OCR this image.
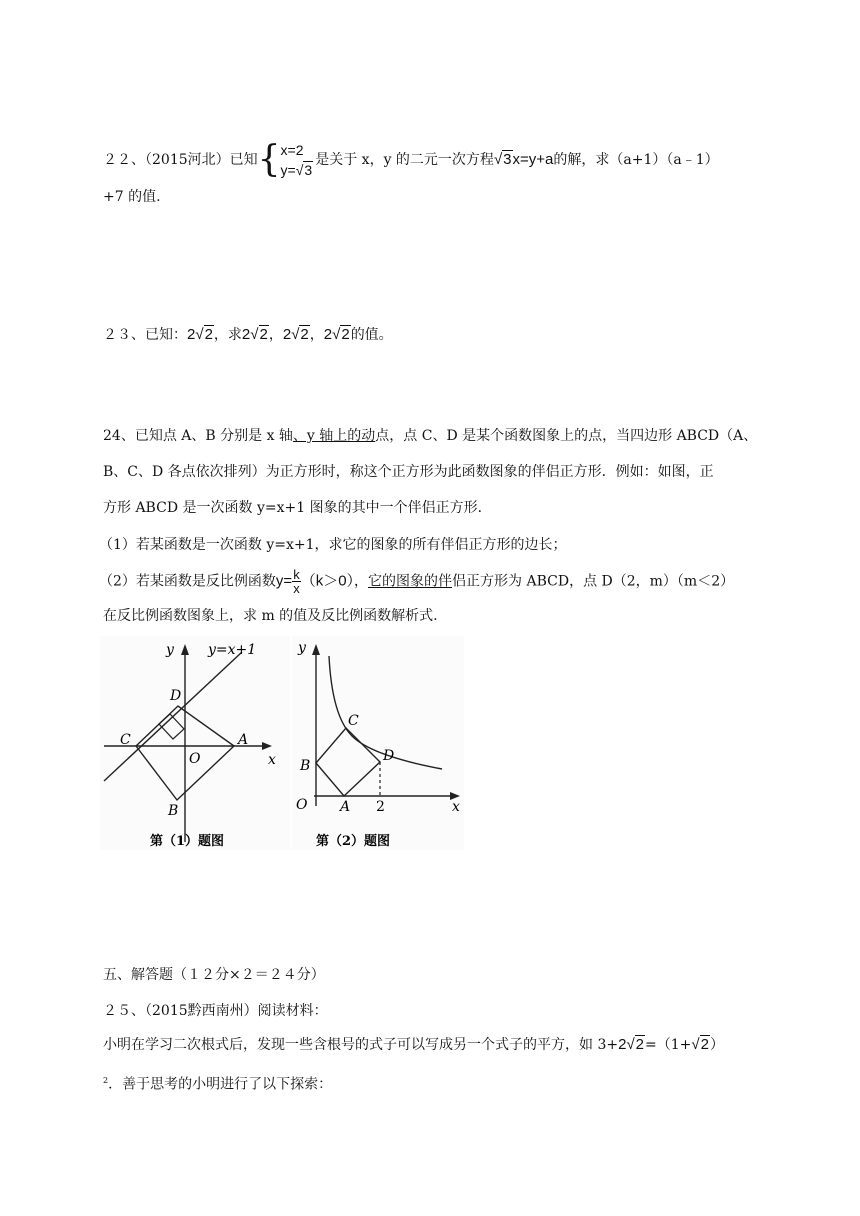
２２、（2015河北）已知{ x=2
y=√3
是关于 x，y 的二元一次方程√3x=y+a的解，求（a+1）（a﹣1）
+7 的值.
２３、已知：2√2，求2√2，2√2，2√2的值。
24、已知点 A、B 分别是 x 轴、y 轴上的动点，点 C、D 是某个函数图象上的点，当四边形 ABCD（A、
B、C、D 各点依次排列）为正方形时，称这个正方形为此函数图象的伴侣正方形．例如：如图，正
方形 ABCD 是一次函数 y=x+1 图象的其中一个伴侣正方形．
（1）若某函数是一次函数 y=x+1，求它的图象的所有伴侣正方形的边长；
（2）若某函数是反比例函数$y= \frac{k}{x} (k>0)$，它的图象的伴侣正方形为 ABCD，点 D（2，m）（m＜2）
在反比例函数图象上，求 m 的值及反比例函数解析式.
y y=x+1
D
C	A
O	x
B
第（1）题图
y
C
D
B
O A 2	x
第（2）题图
五、解答题（１２分×２＝２４分）
２５、（2015黔西南州）阅读材料：
小明在学习二次根式后，发现一些含根号的式子可以写成另一个式子的平方，如 3+2√2=（1+√2）
$^2$．善于思考的小明进行了以下探索：
